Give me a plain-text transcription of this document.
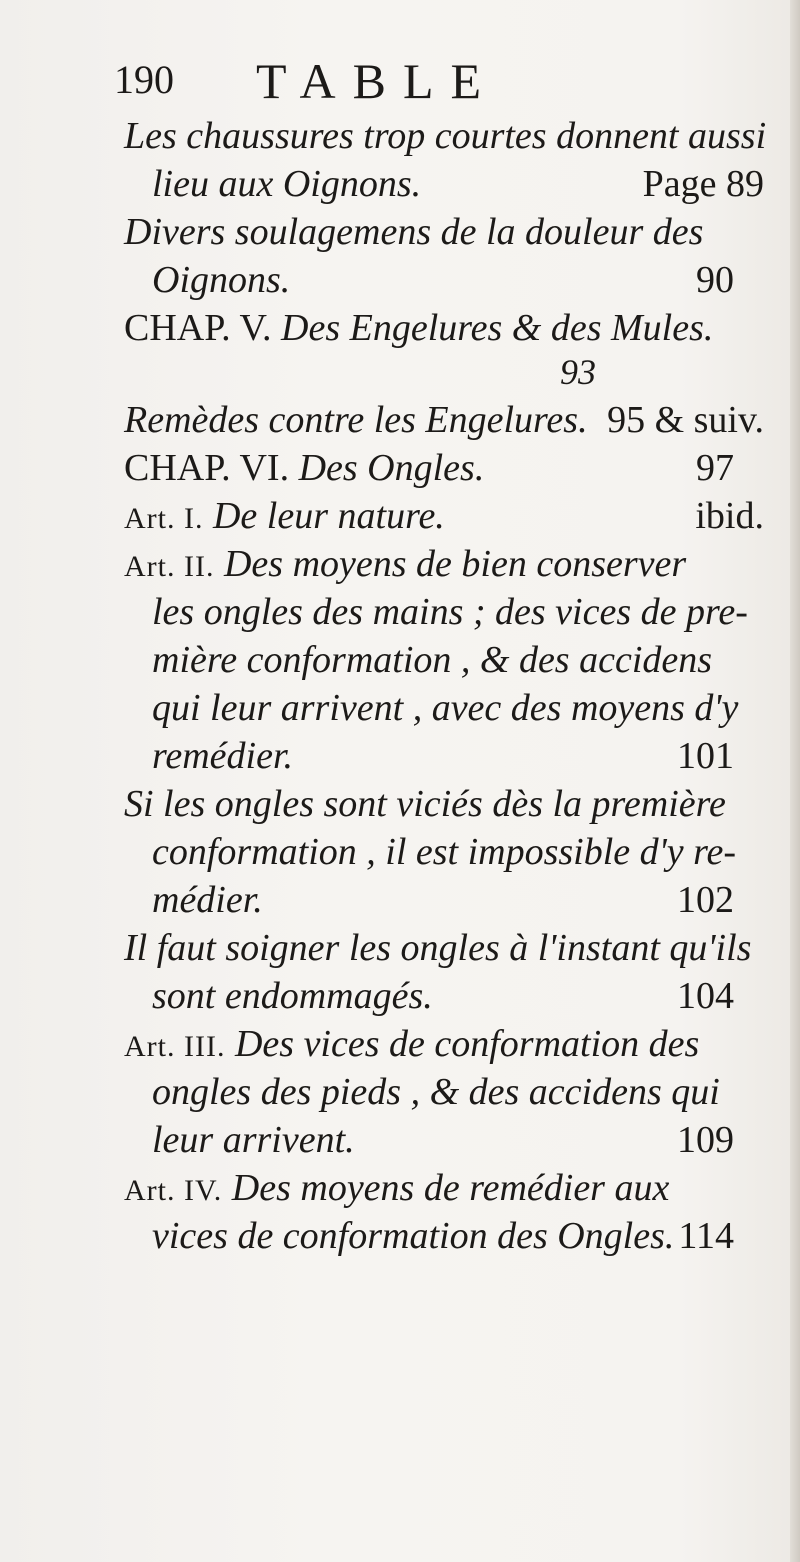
190 TABLE
Les chaussures trop courtes donnent aussi
lieu aux Oignons.	Page 89
Divers soulagemens de la douleur des
Oignons.	90
CHAP. V. Des Engelures & des Mules.
93
Remèdes contre les Engelures. 95 & suiv.
CHAP. VI. Des Ongles.	97
Art. I. De leur nature.	ibid.
Art. II. Des moyens de bien conserver
les ongles des mains ; des vices de pre-
mière conformation , & des accidens
qui leur arrivent , avec des moyens d'y
remédier.	101
Si les ongles sont viciés dès la première
conformation , il est impossible d'y re-
médier.	102
Il faut soigner les ongles à l'instant qu'ils
sont endommagés.	104
Art. III. Des vices de conformation des
ongles des pieds , & des accidens qui
leur arrivent.	109
Art. IV. Des moyens de remédier aux
vices de conformation des Ongles. 114
